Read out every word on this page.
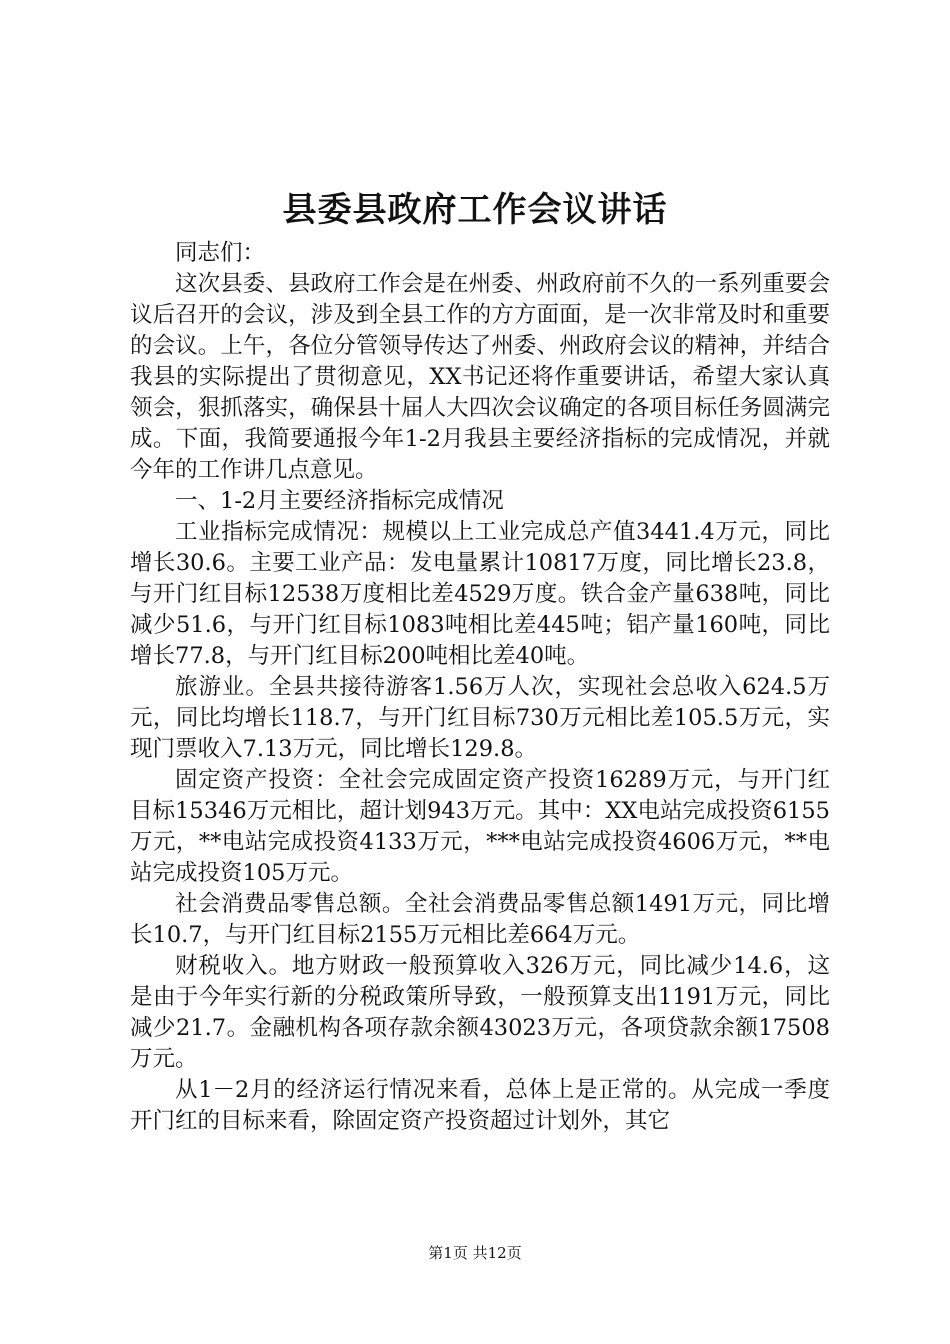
县委县政府工作会议讲话

同志们：

这次县委、县政府工作会是在州委、州政府前不久的一系列重要会议后召开的会议，涉及到全县工作的方方面面，是一次非常及时和重要的会议。上午，各位分管领导传达了州委、州政府会议的精神，并结合我县的实际提出了贯彻意见，XX书记还将作重要讲话，希望大家认真领会，狠抓落实，确保县十届人大四次会议确定的各项目标任务圆满完成。下面，我简要通报今年1-2月我县主要经济指标的完成情况，并就今年的工作讲几点意见。

一、1-2月主要经济指标完成情况

工业指标完成情况：规模以上工业完成总产值3441.4万元，同比增长30.6。主要工业产品：发电量累计10817万度，同比增长23.8，与开门红目标12538万度相比差4529万度。铁合金产量638吨，同比减少51.6，与开门红目标1083吨相比差445吨；铝产量160吨，同比增长77.8，与开门红目标200吨相比差40吨。

旅游业。全县共接待游客1.56万人次，实现社会总收入624.5万元，同比均增长118.7，与开门红目标730万元相比差105.5万元，实现门票收入7.13万元，同比增长129.8。

固定资产投资：全社会完成固定资产投资16289万元，与开门红目标15346万元相比，超计划943万元。其中：XX电站完成投资6155万元，**电站完成投资4133万元，***电站完成投资4606万元，**电站完成投资105万元。

社会消费品零售总额。全社会消费品零售总额1491万元，同比增长10.7，与开门红目标2155万元相比差664万元。

财税收入。地方财政一般预算收入326万元，同比减少14.6，这是由于今年实行新的分税政策所导致，一般预算支出1191万元，同比减少21.7。金融机构各项存款余额43023万元，各项贷款余额17508万元。

从1－2月的经济运行情况来看，总体上是正常的。从完成一季度开门红的目标来看，除固定资产投资超过计划外，其它

第1页 共12页
